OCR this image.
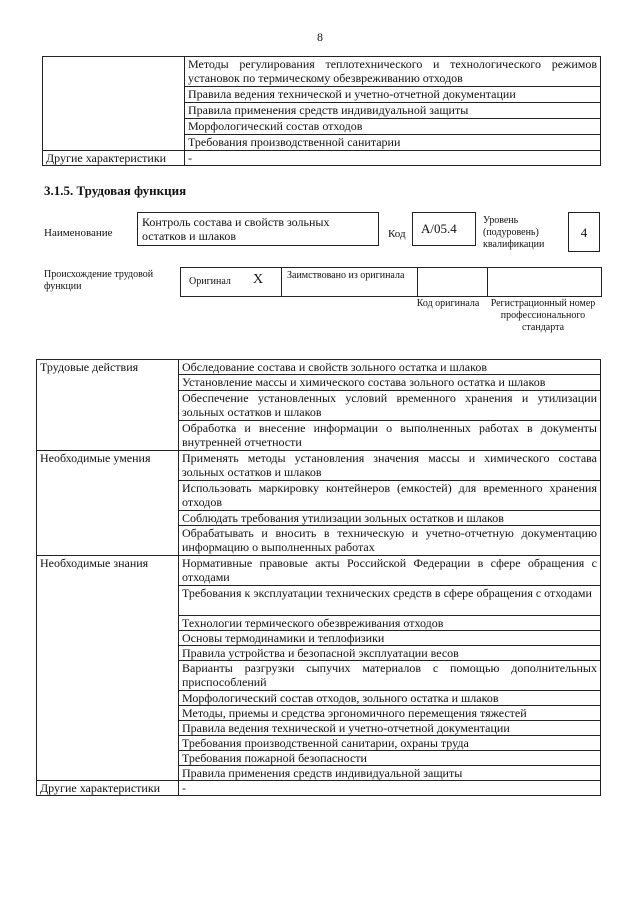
8
	Методы регулирования теплотехнического и технологического режимов установок по термическому обезвреживанию отходов
	Правила ведения технической и учетно-отчетной документации
	Правила применения средств индивидуальной защиты
	Морфологический состав отходов
	Требования производственной санитарии
Другие характеристики	-
3.1.5. Трудовая функция
Наименование
Контроль состава и свойств зольных остатков и шлаков	Код	А/05.4
Уровень (подуровень) квалификации
4
Происхождение трудовой функции	Оригинал X Заимствовано из оригинала
Код оригинала	Регистрационный номер профессионального стандарта
Трудовые действия	Обследование состава и свойств зольного остатка и шлаков
	Установление массы и химического состава зольного остатка и шлаков
	Обеспечение установленных условий временного хранения и утилизации зольных остатков и шлаков
	Обработка и внесение информации о выполненных работах в документы внутренней отчетности
Необходимые умения	Применять методы установления значения массы и химического состава зольных остатков и шлаков
	Использовать маркировку контейнеров (емкостей) для временного хранения отходов
	Соблюдать требования утилизации зольных остатков и шлаков
	Обрабатывать и вносить в техническую и учетно-отчетную документацию информацию о выполненных работах
Необходимые знания	Нормативные правовые акты Российской Федерации в сфере обращения с отходами
	Требования к эксплуатации технических средств в сфере обращения с отходами
	Технологии термического обезвреживания отходов
	Основы термодинамики и теплофизики
	Правила устройства и безопасной эксплуатации весов
	Варианты разгрузки сыпучих материалов с помощью дополнительных приспособлений
	Морфологический состав отходов, зольного остатка и шлаков
	Методы, приемы и средства эргономичного перемещения тяжестей
	Правила ведения технической и учетно-отчетной документации
	Требования производственной санитарии, охраны труда
	Требования пожарной безопасности
	Правила применения средств индивидуальной защиты
Другие характеристики	-
